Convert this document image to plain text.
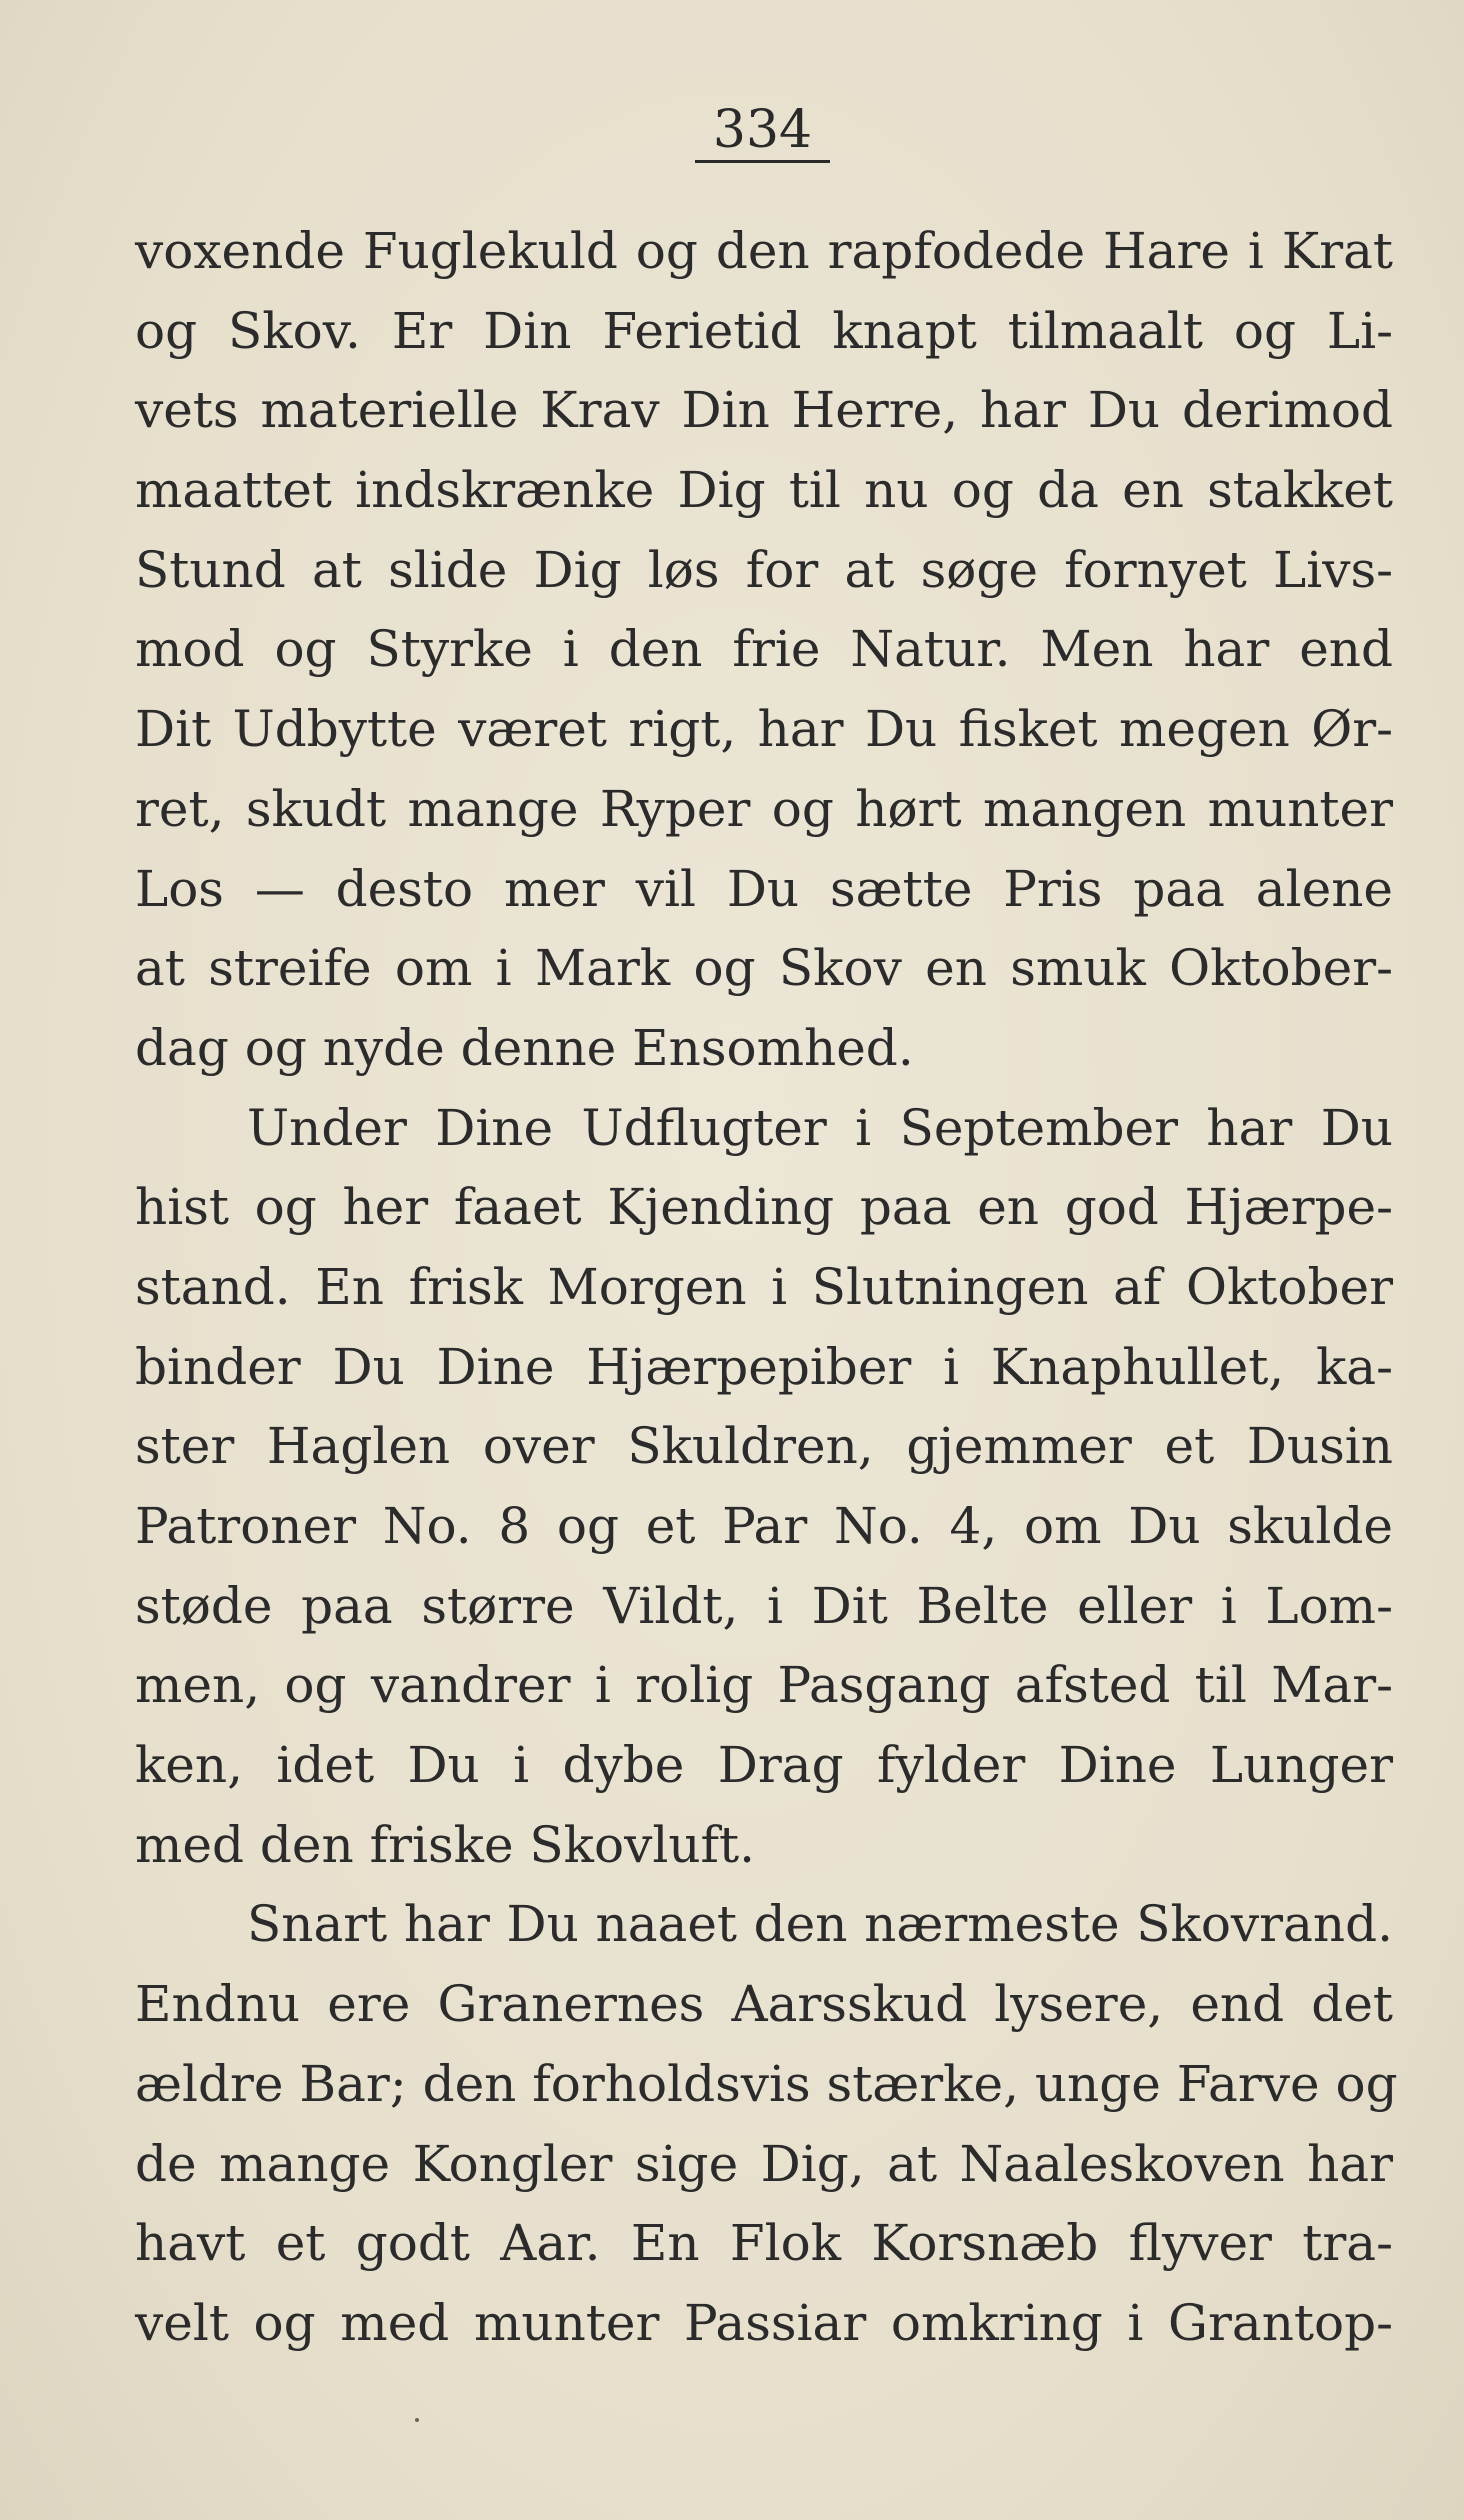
334
voxende Fuglekuld og den rapfodede Hare i Krat
og Skov. Er Din Ferietid knapt tilmaalt og Li-
vets materielle Krav Din Herre, har Du derimod
maattet indskrænke Dig til nu og da en stakket
Stund at slide Dig løs for at søge fornyet Livs-
mod og Styrke i den frie Natur. Men har end
Dit Udbytte været rigt, har Du fisket megen Ør-
ret, skudt mange Ryper og hørt mangen munter
Los — desto mer vil Du sætte Pris paa alene
at streife om i Mark og Skov en smuk Oktober-
dag og nyde denne Ensomhed.
Under Dine Udflugter i September har Du
hist og her faaet Kjending paa en god Hjærpe-
stand. En frisk Morgen i Slutningen af Oktober
binder Du Dine Hjærpepiber i Knaphullet, ka-
ster Haglen over Skuldren, gjemmer et Dusin
Patroner No. 8 og et Par No. 4, om Du skulde
støde paa større Vildt, i Dit Belte eller i Lom-
men, og vandrer i rolig Pasgang afsted til Mar-
ken, idet Du i dybe Drag fylder Dine Lunger
med den friske Skovluft.
Snart har Du naaet den nærmeste Skovrand.
Endnu ere Granernes Aarsskud lysere, end det
ældre Bar; den forholdsvis stærke, unge Farve og
de mange Kongler sige Dig, at Naaleskoven har
havt et godt Aar. En Flok Korsnæb flyver tra-
velt og med munter Passiar omkring i Grantop-
